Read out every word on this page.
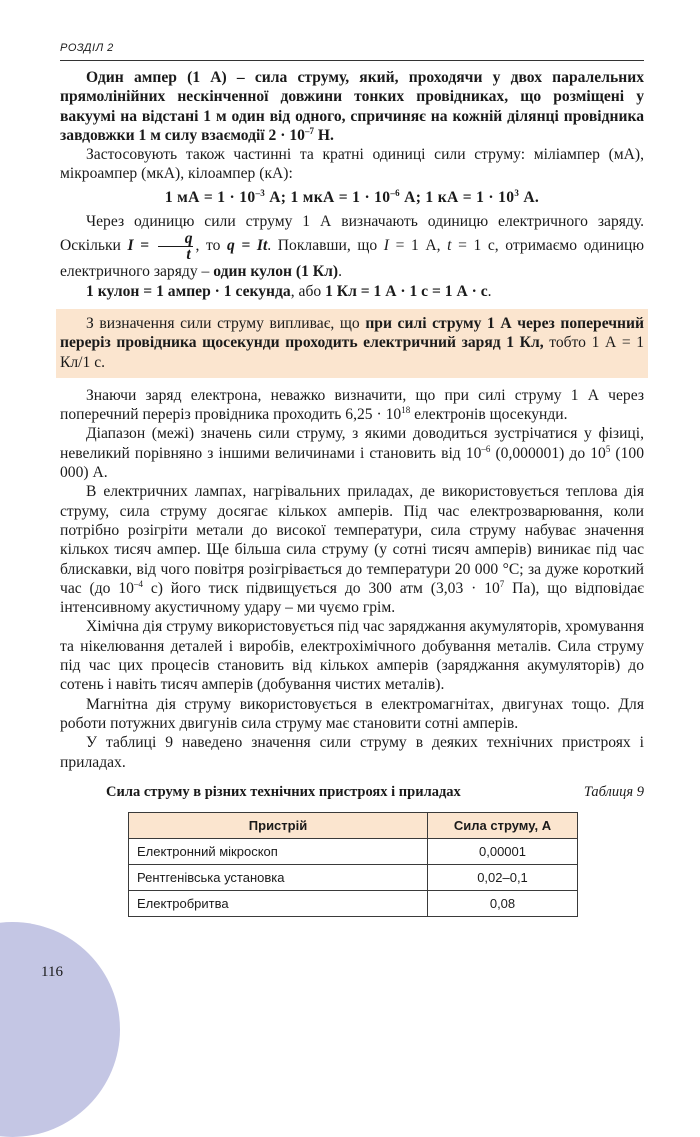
РОЗДІЛ 2

Один ампер (1 А) – сила струму, який, проходячи у двох паралельних прямолінійних нескінченної довжини тонких провідниках, що розміщені у вакуумі на відстані 1 м один від одного, спричиняє на кожній ділянці провідника завдовжки 1 м силу взаємодії $2 \cdot 10^{-7}$ Н.

Застосовують також частинні та кратні одиниці сили струму: міліампер (мА), мікроампер (мкА), кілоампер (кА):

1 мА = $1 \cdot 10^{-3}$ А; 1 мкА = $1 \cdot 10^{-6}$ А; 1 кА = $1 \cdot 10^3$ А.

Через одиницю сили струму 1 А визначають одиницю електричного заряду. Оскільки $I = \frac{q}{t}$ , то q = It. Поклавши, що I = 1 А, t = 1 с, отримаємо одиницю електричного заряду – один кулон (1 Кл).

1 кулон = 1 ампер · 1 секунда, або 1 Кл = 1 А · 1 с = 1 А · с.

З визначення сили струму випливає, що при силі струму 1 А через поперечний переріз провідника щосекунди проходить електричний заряд 1 Кл, тобто 1 А = 1 Кл/1 с.

Знаючи заряд електрона, неважко визначити, що при силі струму 1 А через поперечний переріз провідника проходить $6,25 \cdot 10^{18}$ електронів щосекунди.

Діапазон (межі) значень сили струму, з якими доводиться зустрічатися у фізиці, невеликий порівняно з іншими величинами і становить від $10^{-6}$ (0,000001) до $10^5$ (100 000) А.

В електричних лампах, нагрівальних приладах, де використовується теплова дія струму, сила струму досягає кількох амперів. Під час електрозварювання, коли потрібно розігріти метали до високої температури, сила струму набуває значення кількох тисяч ампер. Ще більша сила струму (у сотні тисяч амперів) виникає під час блискавки, від чого повітря розігрівається до температури 20 000 °С; за дуже короткий час (до $10^{-4}$ с) його тиск підвищується до 300 атм ($3,03 \cdot 10^7$ Па), що відповідає інтенсивному акустичному удару – ми чуємо грім.

Хімічна дія струму використовується під час заряджання акумуляторів, хромування та нікелювання деталей і виробів, електрохімічного добування металів. Сила струму під час цих процесів становить від кількох амперів (заряджання акумуляторів) до сотень і навіть тисяч амперів (добування чистих металів).

Магнітна дія струму використовується в електромагнітах, двигунах тощо. Для роботи потужних двигунів сила струму має становити сотні амперів.

У таблиці 9 наведено значення сили струму в деяких технічних пристроях і приладах.

Сила струму в різних технічних пристроях і приладах	Таблиця 9
Пристрій	Сила струму, А
Електронний мікроскоп	0,00001
Рентгенівська установка	0,02–0,1
Електробритва	0,08
116
